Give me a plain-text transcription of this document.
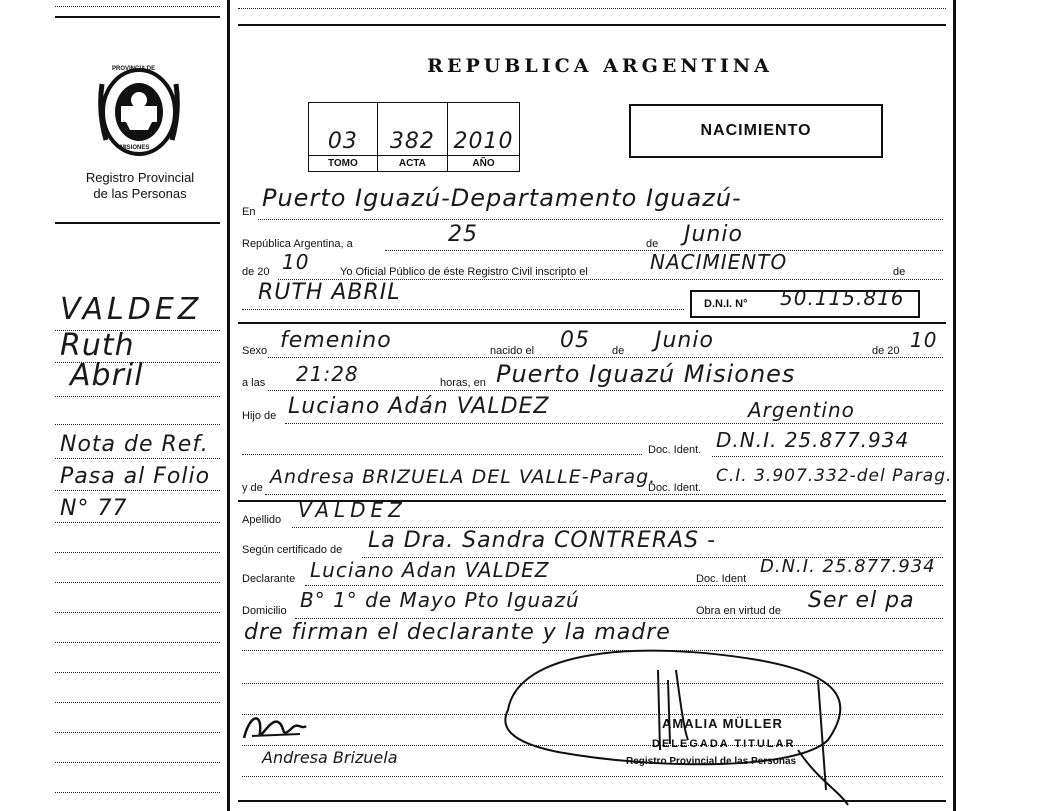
PROVINCIA DE
MISIONES
Registro Provincial
de las Personas
REPUBLICA ARGENTINA
03	382	2010
TOMO	ACTA	AÑO
NACIMIENTO
En Puerto Iguazú-Departamento Iguazú-
República Argentina, a	25	de Junio
de 20 10	Yo Oficial Público de éste Registro Civil inscripto el	NACIMIENTO	de
RUTH ABRIL	D.N.I. N° 50.115.816
Sexo femenino	nacido el 05 de Junio	de 20 10
a las 21:28	horas, en Puerto Iguazú Misiones
Hijo de Luciano Adán VALDEZ	Argentino
Doc. Ident. D.N.I. 25.877.934
y de Andresa BRIZUELA DEL VALLE-Parag.
Doc. Ident.
C.I. 3.907.332-del Parag.
Apellido VALDEZ
Según certificado de La Dra. Sandra CONTRERAS -
Declarante Luciano Adan VALDEZ	Doc. Ident
D.N.I. 25.877.934
Domicilio B° 1° de Mayo Pto Iguazú	Obra en virtud de Ser el pa
dre firman el declarante y la madre
VALDEZ
Ruth
Abril
Nota de Ref.
Pasa al Folio
N° 77
Andresa Brizuela
AMALIA MÜLLER
DELEGADA TITULAR
Registro Provincial de las Personas
